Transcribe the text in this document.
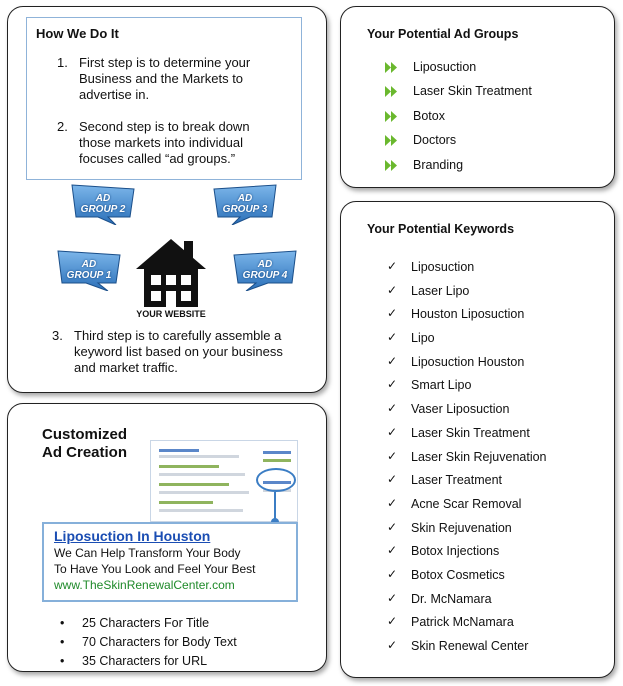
How We Do It
1. First step is to determine your Business and the Markets to advertise in.
2. Second step is to break down those markets into individual focuses called “ad groups.”
AD
GROUP 2
AD
GROUP 3
AD
GROUP 1
AD
GROUP 4
YOUR WEBSITE
3. Third step is to carefully assemble a keyword list based on your business and market traffic.
Customized
Ad Creation
Liposuction In Houston
We Can Help Transform Your Body
To Have You Look and Feel Your Best
www.TheSkinRenewalCenter.com
• 25 Characters For Title
• 70 Characters for Body Text
• 35 Characters for URL
Your Potential Ad Groups
Liposuction
Laser Skin Treatment
Botox
Doctors
Branding
Your Potential Keywords
✓ Liposuction
✓ Laser Lipo
✓ Houston Liposuction
✓ Lipo
✓ Liposuction Houston
✓ Smart Lipo
✓ Vaser Liposuction
✓ Laser Skin Treatment
✓ Laser Skin Rejuvenation
✓ Laser Treatment
✓ Acne Scar Removal
✓ Skin Rejuvenation
✓ Botox Injections
✓ Botox Cosmetics
✓ Dr. McNamara
✓ Patrick McNamara
✓ Skin Renewal Center
